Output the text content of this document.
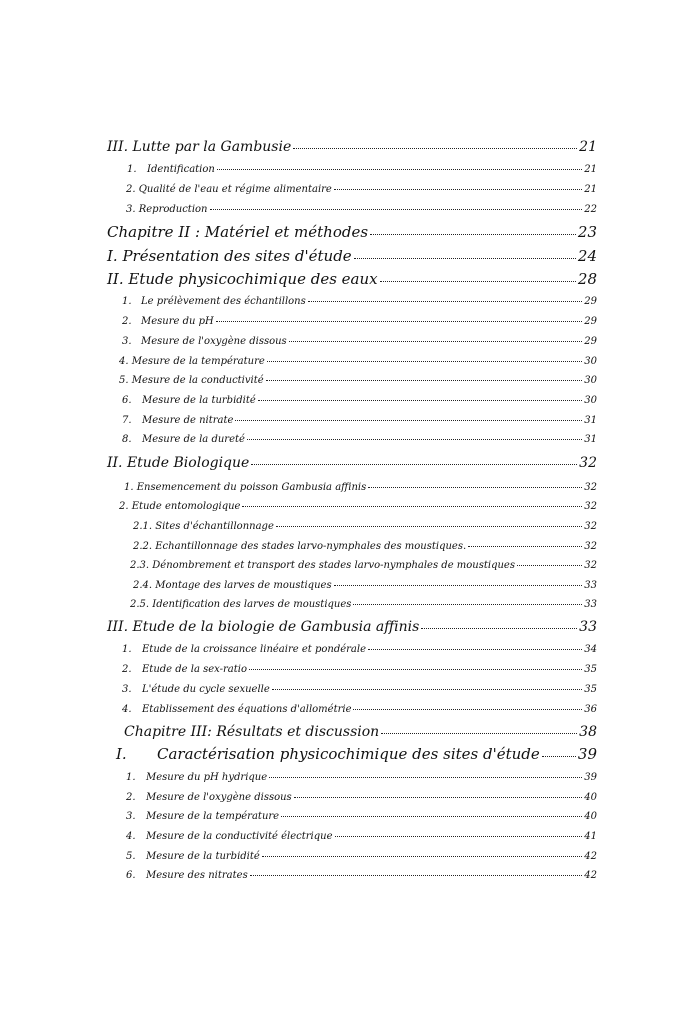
III. Lutte par la Gambusie	21
1.	Identification	21
2. Qualité de l'eau et régime alimentaire	21
3. Reproduction	22
Chapitre II : Matériel et méthodes	23
I. Présentation des sites d'étude	24
II. Etude physicochimique des eaux	28
1. Le prélèvement des échantillons	29
2. Mesure du pH	29
3. Mesure de l'oxygène dissous	29
4. Mesure de la température	30
5. Mesure de la conductivité	30
6.	Mesure de la turbidité	30
7.	Mesure de nitrate	31
8.	Mesure de la dureté	31
II. Etude Biologique	32
1. Ensemencement du poisson Gambusia affinis	32
2. Etude entomologique	32
2.1. Sites d'échantillonnage	32
2.2. Echantillonnage des stades larvo-nymphales des moustiques.	32
2.3. Dénombrement et transport des stades larvo-nymphales de moustiques	32
2.4. Montage des larves de moustiques	33
2.5. Identification des larves de moustiques	33
III. Etude de la biologie de Gambusia affinis	33
1.	Etude de la croissance linéaire et pondérale	34
2.	Etude de la sex-ratio	35
3.	L'étude du cycle sexuelle	35
4.	Etablissement des équations d'allométrie	36
Chapitre III: Résultats et discussion	38
I.	Caractérisation physicochimique des sites d'étude	39
1.	Mesure du pH hydrique	39
2.	Mesure de l'oxygène dissous	40
3.	Mesure de la température	40
4.	Mesure de la conductivité électrique	41
5.	Mesure de la turbidité	42
6.	Mesure des nitrates	42
